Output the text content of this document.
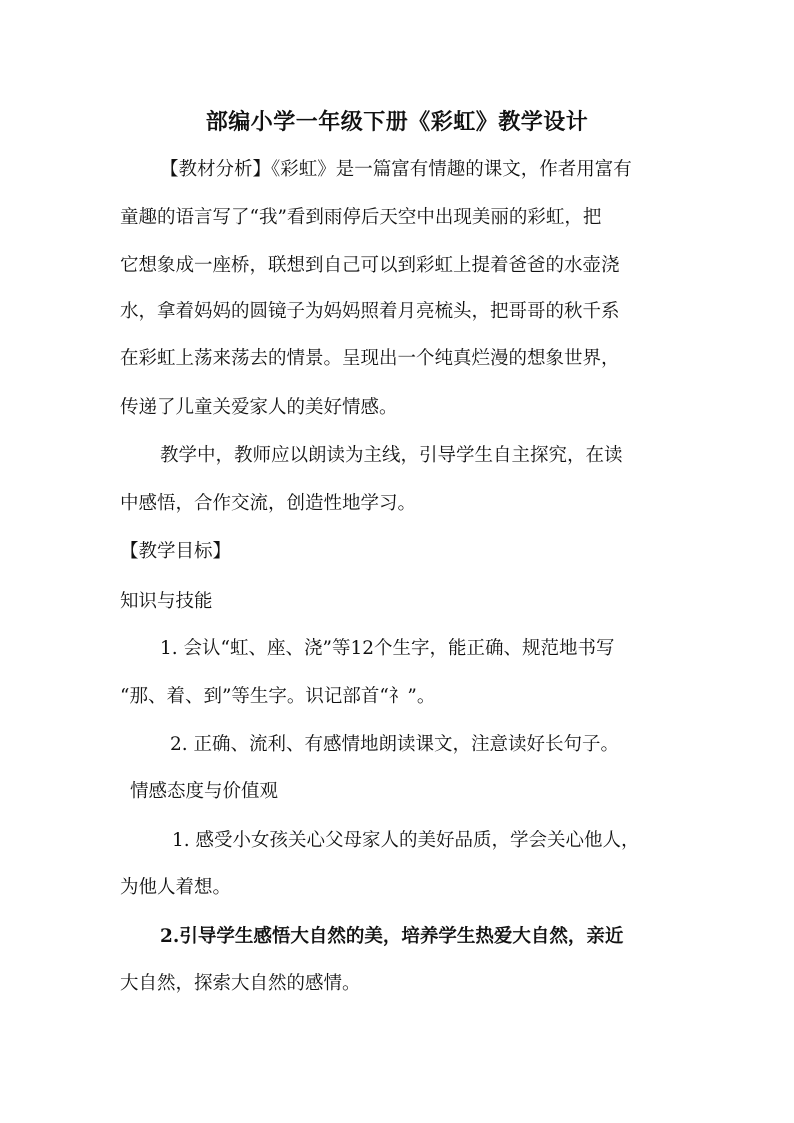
部编小学一年级下册《彩虹》教学设计

【教材分析】《彩虹》是一篇富有情趣的课文，作者用富有

童趣的语言写了“我”看到雨停后天空中出现美丽的彩虹，把

它想象成一座桥，联想到自己可以到彩虹上提着爸爸的水壶浇

水，拿着妈妈的圆镜子为妈妈照着月亮梳头，把哥哥的秋千系

在彩虹上荡来荡去的情景。呈现出一个纯真烂漫的想象世界，

传递了儿童关爱家人的美好情感。

教学中，教师应以朗读为主线，引导学生自主探究，在读

中感悟，合作交流，创造性地学习。

【教学目标】

知识与技能

1. 会认“虹、座、浇”等12个生字，能正确、规范地书写

“那、着、到”等生字。识记部首“礻”。

2. 正确、流利、有感情地朗读课文，注意读好长句子。

情感态度与价值观

1. 感受小女孩关心父母家人的美好品质，学会关心他人，

为他人着想。

2.引导学生感悟大自然的美，培养学生热爱大自然，亲近

大自然，探索大自然的感情。
